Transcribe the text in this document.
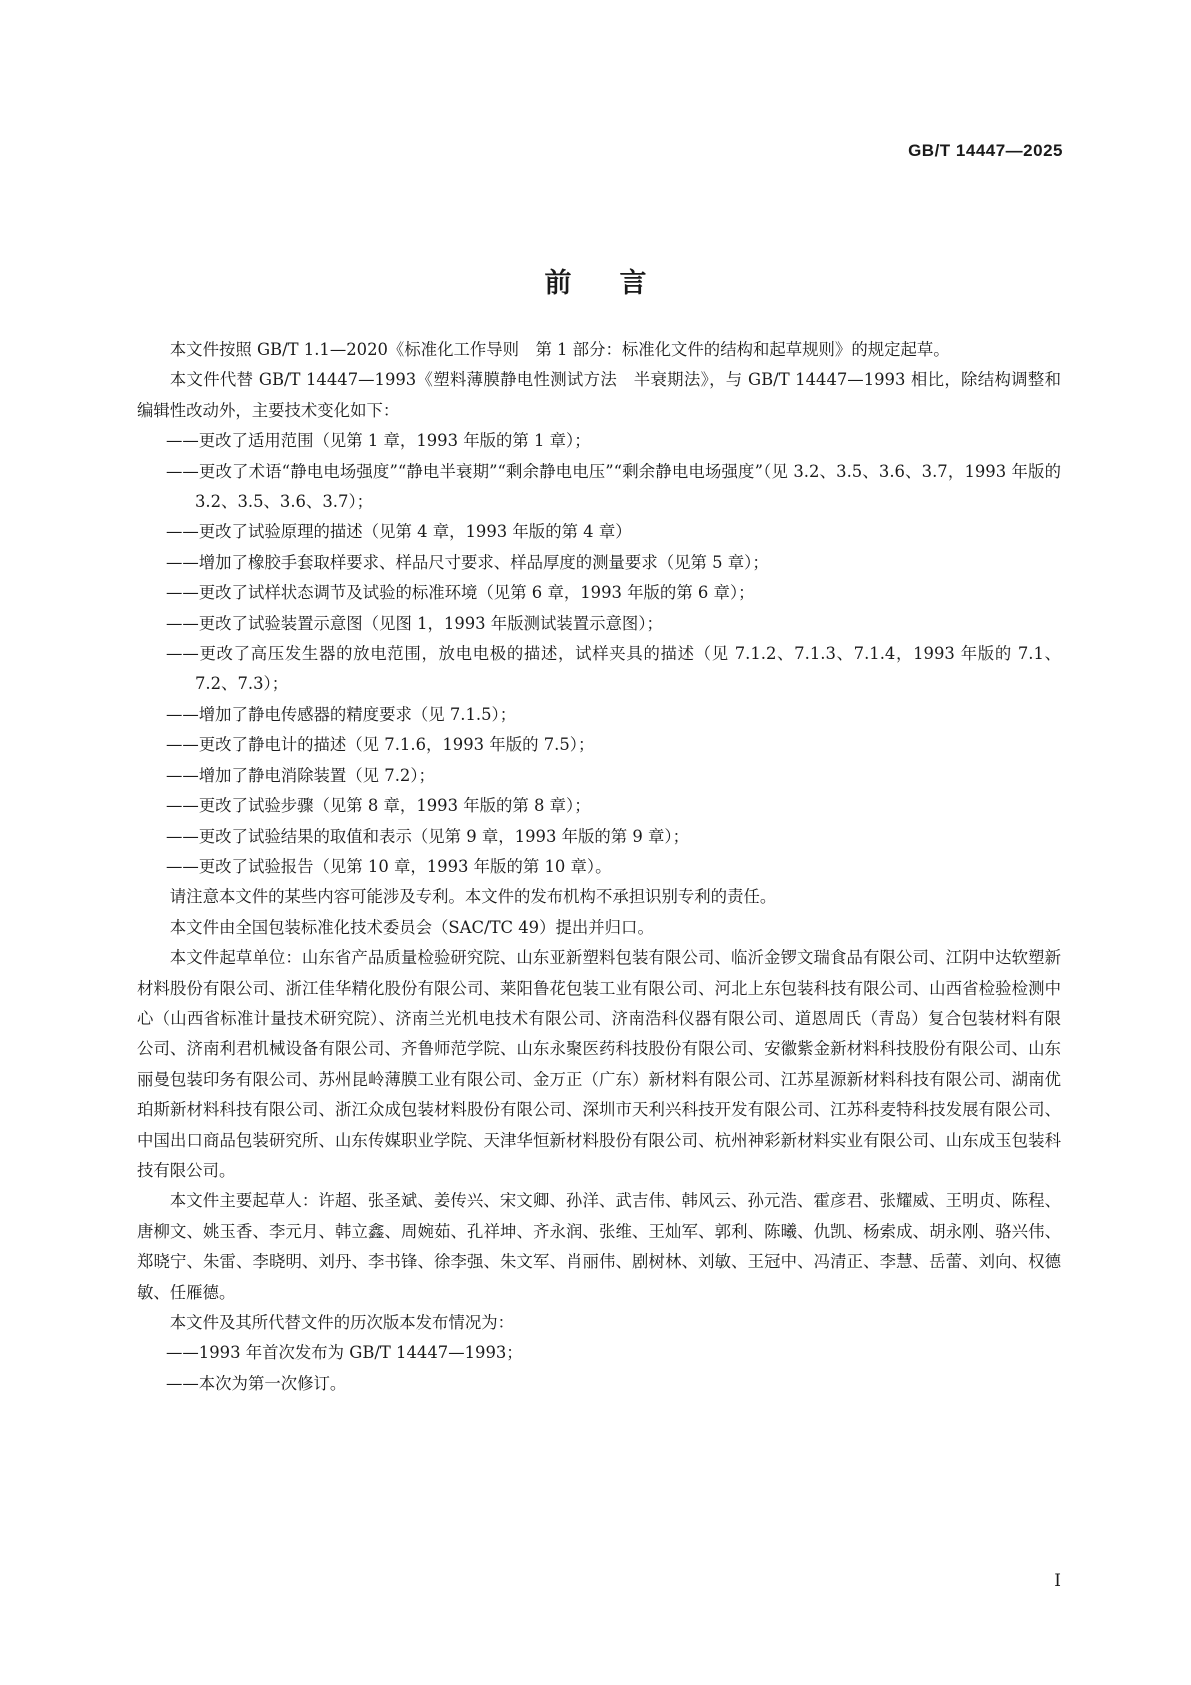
GB/T 14447—2025
前言

本文件按照 GB/T 1.1—2020《标准化工作导则　第 1 部分：标准化文件的结构和起草规则》的规定起草。

本文件代替 GB/T 14447—1993《塑料薄膜静电性测试方法　半衰期法》，与 GB/T 14447—1993 相比，除结构调整和编辑性改动外，主要技术变化如下：

——更改了适用范围（见第 1 章，1993 年版的第 1 章）；

——更改了术语“静电电场强度”“静电半衰期”“剩余静电电压”“剩余静电电场强度”（见 3.2、3.5、3.6、3.7，1993 年版的 3.2、3.5、3.6、3.7）；

——更改了试验原理的描述（见第 4 章，1993 年版的第 4 章）

——增加了橡胶手套取样要求、样品尺寸要求、样品厚度的测量要求（见第 5 章）；

——更改了试样状态调节及试验的标准环境（见第 6 章，1993 年版的第 6 章）；

——更改了试验装置示意图（见图 1，1993 年版测试装置示意图）；

——更改了高压发生器的放电范围，放电电极的描述，试样夹具的描述（见 7.1.2、7.1.3、7.1.4，1993 年版的 7.1、7.2、7.3）；

——增加了静电传感器的精度要求（见 7.1.5）；

——更改了静电计的描述（见 7.1.6，1993 年版的 7.5）；

——增加了静电消除装置（见 7.2）；

——更改了试验步骤（见第 8 章，1993 年版的第 8 章）；

——更改了试验结果的取值和表示（见第 9 章，1993 年版的第 9 章）；

——更改了试验报告（见第 10 章，1993 年版的第 10 章）。

请注意本文件的某些内容可能涉及专利。本文件的发布机构不承担识别专利的责任。

本文件由全国包装标准化技术委员会（SAC/TC 49）提出并归口。

本文件起草单位：山东省产品质量检验研究院、山东亚新塑料包装有限公司、临沂金锣文瑞食品有限公司、江阴中达软塑新材料股份有限公司、浙江佳华精化股份有限公司、莱阳鲁花包装工业有限公司、河北上东包装科技有限公司、山西省检验检测中心（山西省标准计量技术研究院）、济南兰光机电技术有限公司、济南浩科仪器有限公司、道恩周氏（青岛）复合包装材料有限公司、济南利君机械设备有限公司、齐鲁师范学院、山东永聚医药科技股份有限公司、安徽紫金新材料科技股份有限公司、山东丽曼包装印务有限公司、苏州昆岭薄膜工业有限公司、金万正（广东）新材料有限公司、江苏星源新材料科技有限公司、湖南优珀斯新材料科技有限公司、浙江众成包装材料股份有限公司、深圳市天利兴科技开发有限公司、江苏科麦特科技发展有限公司、中国出口商品包装研究所、山东传媒职业学院、天津华恒新材料股份有限公司、杭州神彩新材料实业有限公司、山东成玉包装科技有限公司。

本文件主要起草人：许超、张圣斌、姜传兴、宋文卿、孙洋、武吉伟、韩风云、孙元浩、霍彦君、张耀威、王明贞、陈程、唐柳文、姚玉香、李元月、韩立鑫、周婉茹、孔祥坤、齐永润、张维、王灿军、郭利、陈曦、仇凯、杨索成、胡永刚、骆兴伟、郑晓宁、朱雷、李晓明、刘丹、李书锋、徐李强、朱文军、肖丽伟、剧树林、刘敏、王冠中、冯清正、李慧、岳蕾、刘向、权德敏、任雁德。

本文件及其所代替文件的历次版本发布情况为：

——1993 年首次发布为 GB/T 14447—1993；

——本次为第一次修订。

I
